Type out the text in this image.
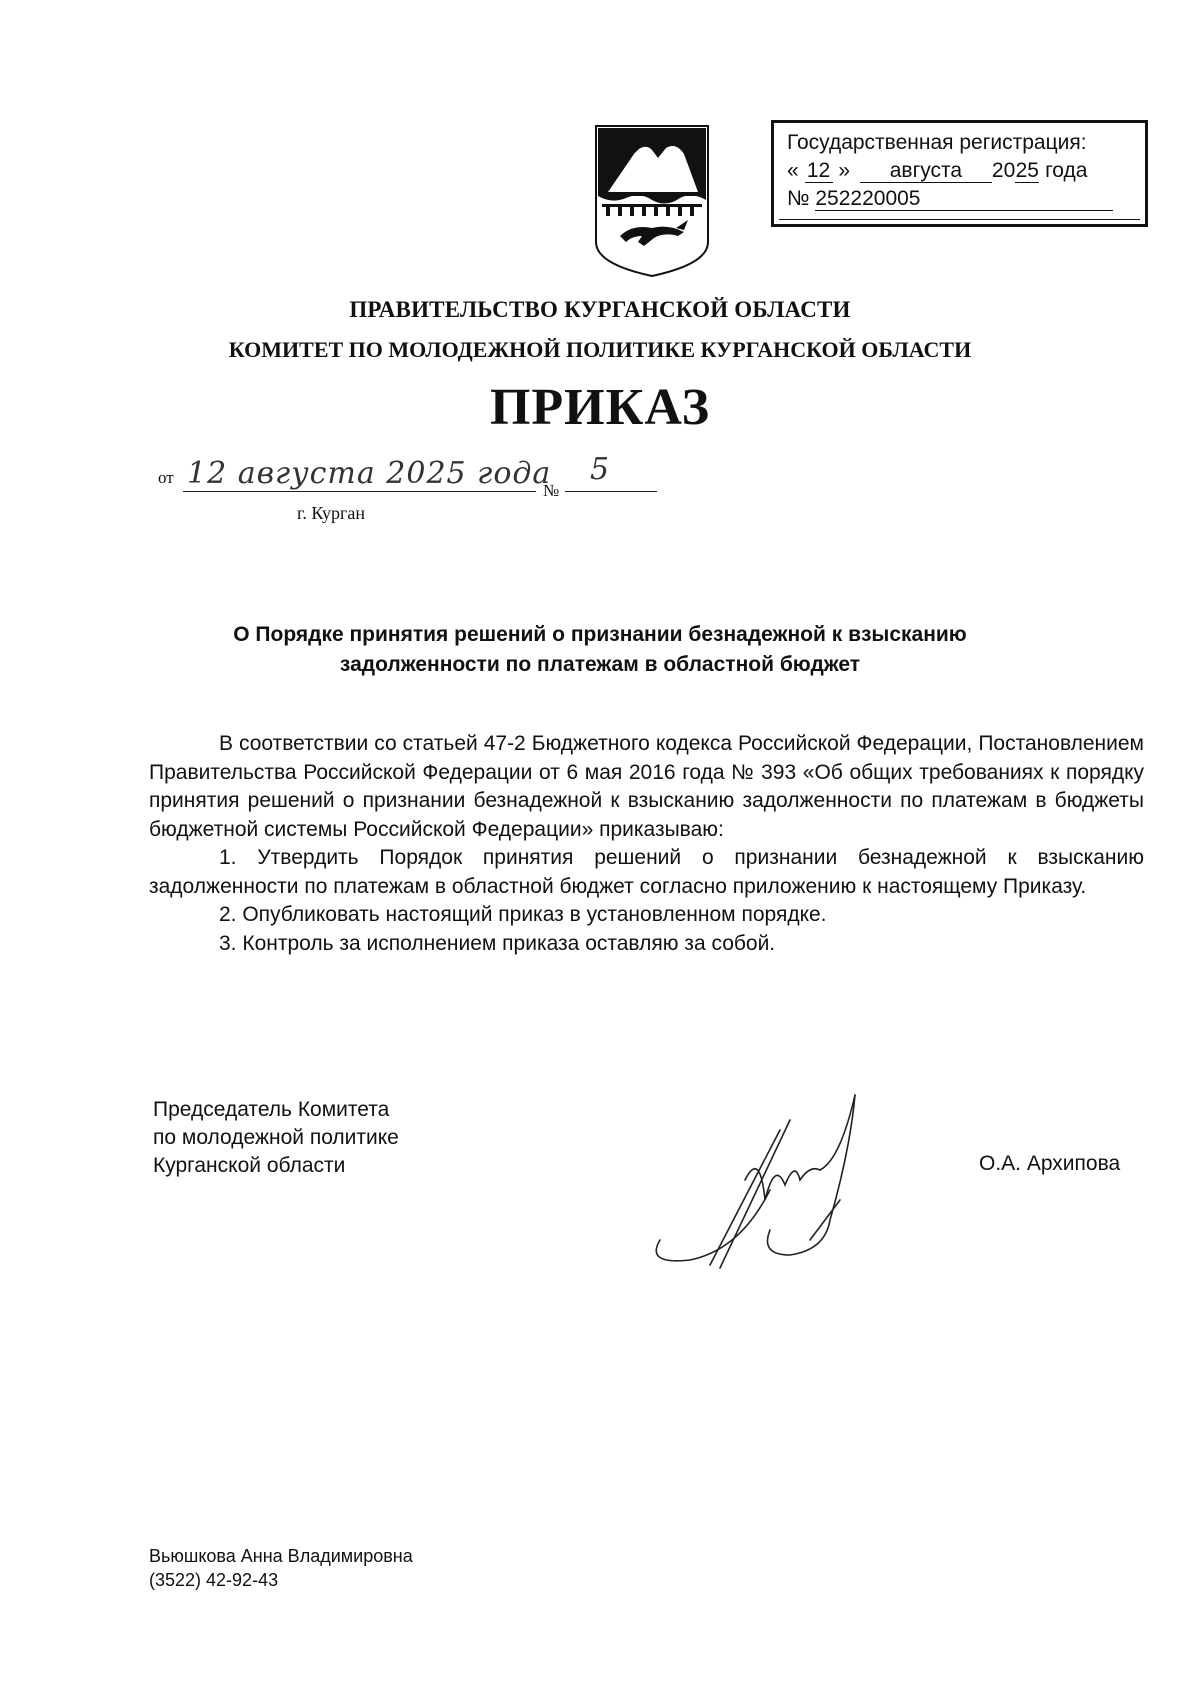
Государственная регистрация:
« 12 » августа 2025 года
№ 252220005
ПРАВИТЕЛЬСТВО КУРГАНСКОЙ ОБЛАСТИ
КОМИТЕТ ПО МОЛОДЕЖНОЙ ПОЛИТИКЕ КУРГАНСКОЙ ОБЛАСТИ
ПРИКАЗ
от 12 августа 2025 года
№
5
г. Курган
О Порядке принятия решений о признании безнадежной к взысканию
задолженности по платежам в областной бюджет

В соответствии со статьей 47-2 Бюджетного кодекса Российской Федерации, Постановлением Правительства Российской Федерации от 6 мая 2016 года № 393 «Об общих требованиях к порядку принятия решений о признании безнадежной к взысканию задолженности по платежам в бюджеты бюджетной системы Российской Федерации» приказываю:

1. Утвердить Порядок принятия решений о признании безнадежной к взысканию задолженности по платежам в областной бюджет согласно приложению к настоящему Приказу.

2. Опубликовать настоящий приказ в установленном порядке.

3. Контроль за исполнением приказа оставляю за собой.

Председатель Комитета
по молодежной политике
Курганской области	О.А. Архипова
Вьюшкова Анна Владимировна
(3522) 42-92-43
